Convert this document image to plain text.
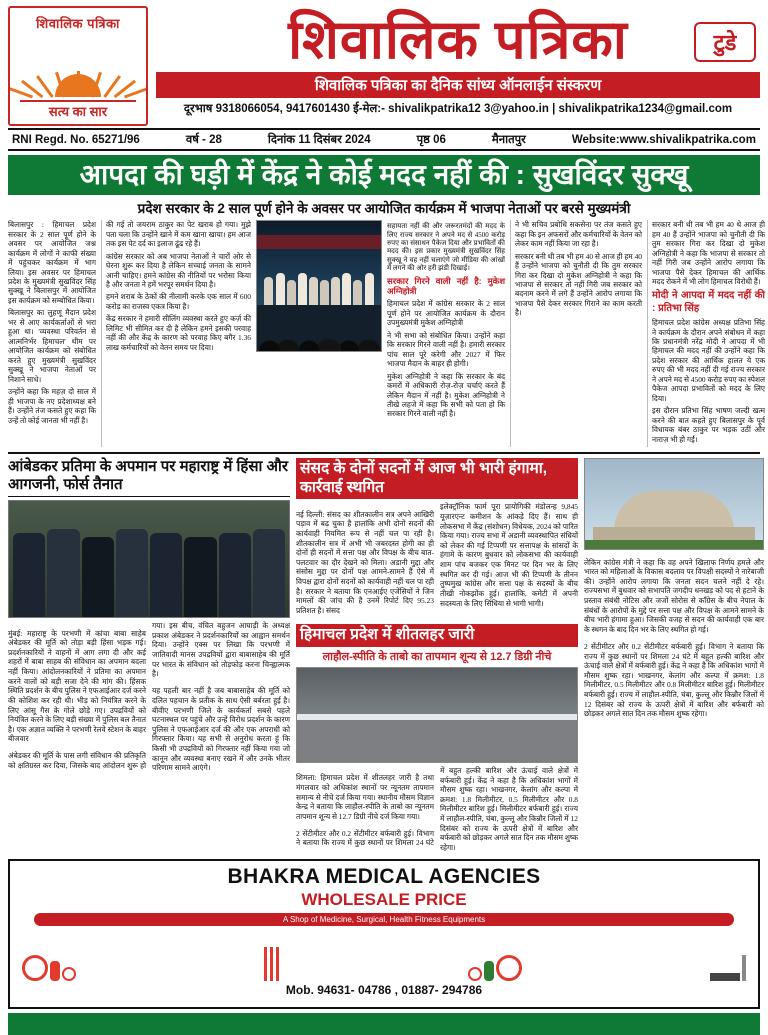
शिवालिक पत्रिका
सत्य का सार
शिवालिक पत्रिका	टुडे
शिवालिक पत्रिका का दैनिक सांध्य ऑनलाईन संस्करण
दूरभाष 9318066054, 9417601430 ई-मेल:- shivalikpatrika12 3@yahoo.in | shivalikpatrika1234@gmail.com
RNI Regd. No. 65271/96	वर्ष - 28	दिनांक 11 दिसंबर 2024	पृष्ठ 06	मैनातपुर	Website:www.shivalikpatrika.com
आपदा की घड़ी में केंद्र ने कोई मदद नहीं की : सुखविंदर सुक्खू
प्रदेश सरकार के 2 साल पूर्ण होने के अवसर पर आयोजित कार्यक्रम में भाजपा नेताओं पर बरसे मुख्यमंत्री

बिलासपुर : हिमाचल प्रदेश सरकार के 2 साल पूर्ण होने के अवसर पर आयोजित जश्न कार्यक्रम में लोगों ने काफी संख्या में पहुंचकर कार्यक्रम में भाग लिया। इस अवसर पर हिमाचल प्रदेश के मुख्यमंत्री सुखविंदर सिंह सुक्खू ने बिलासपुर में आयोजित इस कार्यक्रम को सम्बोधित किया।

बिलासपुर का लुहणू मैदान प्रदेश भर से आए कार्यकर्ताओं से भरा हुआ था। 'व्यवस्था परिवर्तन से आत्मनिर्भर हिमाचल' थीम पर आयोजित कार्यक्रम को संबोधित करते हुए मुख्यमंत्री सुखविंदर सुक्खू ने भाजपा नेताओं पर निशाने साधे।

उन्होंने कहा कि महज़ दो साल में ही भाजपा के नए प्रदेशाध्यक्ष बने हैं। उन्होंने तंज कसते हुए कहा कि उन्हें तो कोई जानता भी नहीं है।

की गई तो जयराम ठाकुर का पेट खराब हो गया। मुझे पता चला कि उन्होंने खाने में कम खाना खाया। हम आज तक इस पेट दर्द का इलाज ढूंढ रहे हैं।

कांग्रेस सरकार को अब भाजपा नेताओं ने चारों ओर से घेरना शुरू कर दिया है लेकिन सच्चाई जनता के सामने आनी चाहिए। हमने कांग्रेस की नीतियों पर भरोसा किया है और जनता ने हमें भरपूर समर्थन दिया है।

हमने शराब के ठेकों की नीलामी करके एक साल में 600 करोड़ का राजस्व एकत्र किया है।

केंद्र सरकार ने हमारी सीलिंग व्यवस्था करते हुए कर्ज़ की लिमिट भी सीमित कर दी है लेकिन हमने इसकी परवाह नहीं की और केंद्र के कारण को परवाह किए बगैर 1.36 लाख कर्मचारियों को वेतन समय पर दिया।

सहायता नहीं की और जरूरतमंदों की मदद के लिए राज्य सरकार ने अपने मद से 4500 करोड़ रुपए का संसाधन पैकेज दिया और प्रभावितों की मदद की। इस प्रकार मुख्यमंत्री सुखविंदर सिंह सुक्खू ने वह नहीं चलाएंगे जो मीडिया की आंखों में लगने की ओर हरी झंडी दिखाई।
सरकार गिरने वाली नहीं है: मुकेश अग्निहोत्री

हिमाचल प्रदेश में कांग्रेस सरकार के 2 साल पूर्ण होने पर आयोजित कार्यक्रम के दौरान उपमुख्यमंत्री मुकेश अग्निहोत्री

ने भी सभा को संबोधित किया। उन्होंने कहा कि सरकार गिरने वाली नहीं है। हमारी सरकार पांच साल पूरे करेगी और 2027 में फिर भाजपा मैदान के बाहर ही होगी।

मुकेश अग्निहोत्री ने कहा कि सरकार के बंद कमरों में अधिकारी रोज़-रोज़ चर्चाएं करते हैं लेकिन मैदान में नहीं है। मुकेश अग्निहोत्री ने तीखे लहजे में कहा कि सभी को पता हो कि सरकार गिरने वाली नहीं है।

ने भी सचिव प्रबोधि सकसेना पर तंज कसते हुए कहा कि इन अफसरों और कर्मचारियों के वेतन को लेकर काम नहीं किया जा रहा है।

सरकार बनी थी तब भी हम 40 से आज ही हम 40 हैं उन्होंने भाजपा को चुनौती दी कि तुम सरकार गिरा कर दिखा दो मुकेश अग्निहोत्री ने कहा कि भाजपा से सरकार तो नहीं गिरी जब सरकार को बदनाम करने में लगे हैं उन्होंने आरोप लगाया कि भाजपा पैसे देकर सरकार गिराने का काम करती है।

सरकार बनी थी तब भी हम 40 थे आज ही हम 40 हैं उन्होंने भाजपा को चुनौती दी कि तुम सरकार गिरा कर दिखा दो मुकेश अग्निहोत्री ने कहा कि भाजपा से सरकार तो नहीं गिरी जब उन्होंने आरोप लगाया कि भाजपा पैसे देकर हिमाचल की आर्थिक मदद रोकने में भी लोग हिमाचल विरोधी हैं।

मोदी ने आपदा में मदद नहीं की : प्रतिभा सिंह

हिमाचल प्रदेश कांग्रेस अध्यक्ष प्रतिभा सिंह ने कार्यक्रम के दौरान अपने संबोधन में कहा कि प्रधानमंत्री नरेंद्र मोदी ने आपदा में भी हिमाचल की मदद नहीं की उन्होंने कहा कि प्रदेश सरकार की आर्थिक हालत ये एक रुपए की भी मदद नहीं दी गई राज्य सरकार ने अपने मद से 4500 करोड़ रुपए का स्पेशल पैकेज आपदा प्रभावितों को मदद के लिए दिया।

इस दौरान प्रतिभा सिंह भाषण जल्दी खत्म करने की बात कहते हुए बिलासपुर के पूर्व विधायक बंबर ठाकुर पर भड़क उठीं और नाराज़ भी हो गईं।

आंबेडकर प्रतिमा के अपमान पर महाराष्ट्र में हिंसा और आगजनी, फोर्स तैनात

मुंबई: महाराष्ट्र के परभणी में कांचा बाबा साहेब अंबेडकर की मूर्ति को तोड़ा बड़ी हिंसा भड़क गई। प्रदर्शनकारियों ने वाहनों में आग लगा दी और कई शहरों में बाबा साहब की संविधान का अपमान बदला नहीं किया। आंदोलनकारियों ने प्रतिमा का अपमान करने वालों को बड़ी सजा देने की मांग की। हिंसक स्थिति प्रदर्शन के बीच पुलिस ने एफआईआर दर्ज करने की कोशिश कर रही थी। भीड़ को नियंत्रित करने के लिए आंसू गैस के गोले छोड़े गए। उपद्रवियों को नियंत्रित करने के लिए बड़ी संख्या में पुलिस बल तैनात है। एक अज्ञात व्यक्ति ने परभणी रेलवे स्टेशन के बाहर बीजवार

अंबेडकर की मूर्ति के पास लगी संविधान की प्रतिकृति को क्षतिग्रस्त कर दिया, जिसके बाद आंदोलन शुरू हो गया। इस बीच, वंचित बहुजन आघाड़ी के अध्यक्ष प्रकाश अंबेडकर ने प्रदर्शनकारियों का आह्वान समर्थन दिया। उन्होंने एक्स पर लिखा कि परभणी में जातिवादी मानस उपद्रवियों द्वारा बाबासाहेब की मूर्ति पर भारत के संविधान को तोड़फोड़ करना चिन्ह्वात्मक है।

यह पहली बार नहीं है जब बाबासाहेब की मूर्ति को दलित पहचान के प्रतीक के साथ ऐसी बर्बरता हुई है। बीवीए परभणी जिले के कार्यकर्ता सबसे पहले घटनास्थल पर पहुंचे और उन्हें विरोध प्रदर्शन के कारण पुलिस ने एफआईआर दर्ज की और एक अपराधी को गिरफ्तार किया। यह सभी से अनुरोध करता हूं कि किसी भी उपद्रवियों को गिरफ्तार नहीं किया गया जो कानून और व्यवस्था बनाए रखने में और उनके भीतर परिणाम सामने आएंगे।

संसद के दोनों सदनों में आज भी भारी हंगामा, कार्रवाई स्थगित

नई दिल्ली: संसद का शीतकालीन सत्र अपने आखिरी पड़ाव में बढ़ चुका है हालांकि अभी दोनों सदनों की कार्यवाही नियमित रूप से नहीं चल पा रही है। शीतकालीन सत्र में अभी भी जबरदस्त होगी का ही दोनों ही सदनों में सत्ता पक्ष और विपक्ष के बीच बात- पलटवार का दौर देखने को मिला। अडानी मुद्दा और संसोस मुद्दा पर दोनों पक्ष आमने-सामने हैं ऐसे में विपक्ष द्वारा दोनों सदनों को कार्यवाही नहीं चल पा रही है। सरकार ने बताया कि एनआईए एजेंसियों ने जिन मामलों की जांच की है उनमें रिपोर्ट दिए 95.23 प्रतिशत है। संसद

इलेक्ट्रॉनिक फार्म पूरा प्रायोगिकी मंडोलन्ह 9,845 यूज़ारएन्ट कमीशन के आंकड़े दिए हैं। साथ ही लोकसभा में केंद्र (संशोधन) विधेयक, 2024 को पारित किया गया। राज्य सभा में अडानी व्यवस्थापित संधियों को लेकर की गई टिप्पणी पर सत्तापक्ष के सांसदों के हंगामे के कारण बुधवार को लोकसभा की कार्यवाही शाम पांच बजकर एक मिनट पर दिन भर के लिए स्थगित कर दी गई। आज भी की टिप्पणी के तीनन तुष्पमुख कांग्रेस और सत्ता पक्ष के सदस्यों के बीच तीखी नोकझोंक हुई। हालांकि, कमेटी में अपनी सदस्यता के लिए सिंधिया से भागी भागी।

हिमाचल प्रदेश में शीतलहर जारी
लाहौल-स्पीति के ताबो का तापमान शून्य से 12.7 डिग्री नीचे

शिमला: हिमाचल प्रदेश में शीतलहर जारी है तथा मंगलवार को अधिकांश स्थानों पर न्यूनतम तापमान समान्य से नीचे दर्ज किया गया। स्थानीय मौसम विज्ञान केन्द्र ने बताया कि लाहौल-स्पीति के ताबो का न्यूनतम तापमान शून्य से 12.7 डिग्री नीचे दर्ज किया गया।

2 सेंटीमीटर और 0.2 सेंटीमीटर बर्फबारी हुई। विभाग ने बताया कि राज्य में कुछ स्थानों पर शिमला 24 घंटे में बहुत हल्की बारिश और ऊंचाई वाले क्षेत्रों में बर्फबारी हुई। केंद्र ने कहा है कि अधिकांश भागों में मौसम शुष्क रहा। भाखनगर, केलांग और कल्पा में क्रमश: 1.8 मिलीमीटर, 0.5 मिलीमीटर और 0.8 मिलीमीटर बारिश हुई। मिलीमीटर बर्फबारी हुई। राज्य में लाहौल-स्पीति, चंबा, कुल्लू और किन्नौर जिलों में 12 दिसंबर को राज्य के ऊपरी क्षेत्रों में बारिश और बर्फबारी को छोड़कर अगले सात दिन तक मौसम शुष्क रहेगा।

लेकिन कांग्रेस मंत्री ने कहा कि वह अपने खिलाफ निर्णय हमले और भारत को महिलाओं के विकास बदलाव पर विपक्षी सदस्यों ने नारेबाजी की। उन्होंने आरोप लगाया कि जनता सदन चलने नहीं दे रहे। राज्यसभा में बुधवार को सभापति जगदीप धनखड़ को पद से हटाने के प्रस्ताव संबंधी नोटिस और जजों सोरोस से काँग्रेस के बीच नेपाल के संबंधों के आरोपों के मुद्दे पर सत्ता पक्ष और विपक्ष के आमने सामने के बीच भारी हंगामा हुआ। जिसकी वजह से सदन की कार्यवाही एक बार के स्थगन के बाद दिन भर के लिए स्थगित हो गई।

2 सेंटीमीटर और 0.2 सेंटीमीटर बर्फबारी हुई। विभाग ने बताया कि राज्य में कुछ स्थानों पर शिमला 24 घंटे में बहुत हल्की बारिश और ऊंचाई वाले क्षेत्रों में बर्फबारी हुई। केंद्र ने कहा है कि अधिकांश भागों में मौसम शुष्क रहा। भाखनगर, केलांग और कल्पा में क्रमश: 1.8 मिलीमीटर, 0.5 मिलीमीटर और 0.8 मिलीमीटर बारिश हुई। मिलीमीटर बर्फबारी हुई। राज्य में लाहौल-स्पीति, चंबा, कुल्लू और किन्नौर जिलों में 12 दिसंबर को राज्य के ऊपरी क्षेत्रों में बारिश और बर्फबारी को छोड़कर अगले सात दिन तक मौसम शुष्क रहेगा।

BHAKRA MEDICAL AGENCIES
WHOLESALE PRICE
A Shop of Medicine, Surgical, Health Fitness Equipments
Mob. 94631- 04786 , 01887- 294786
